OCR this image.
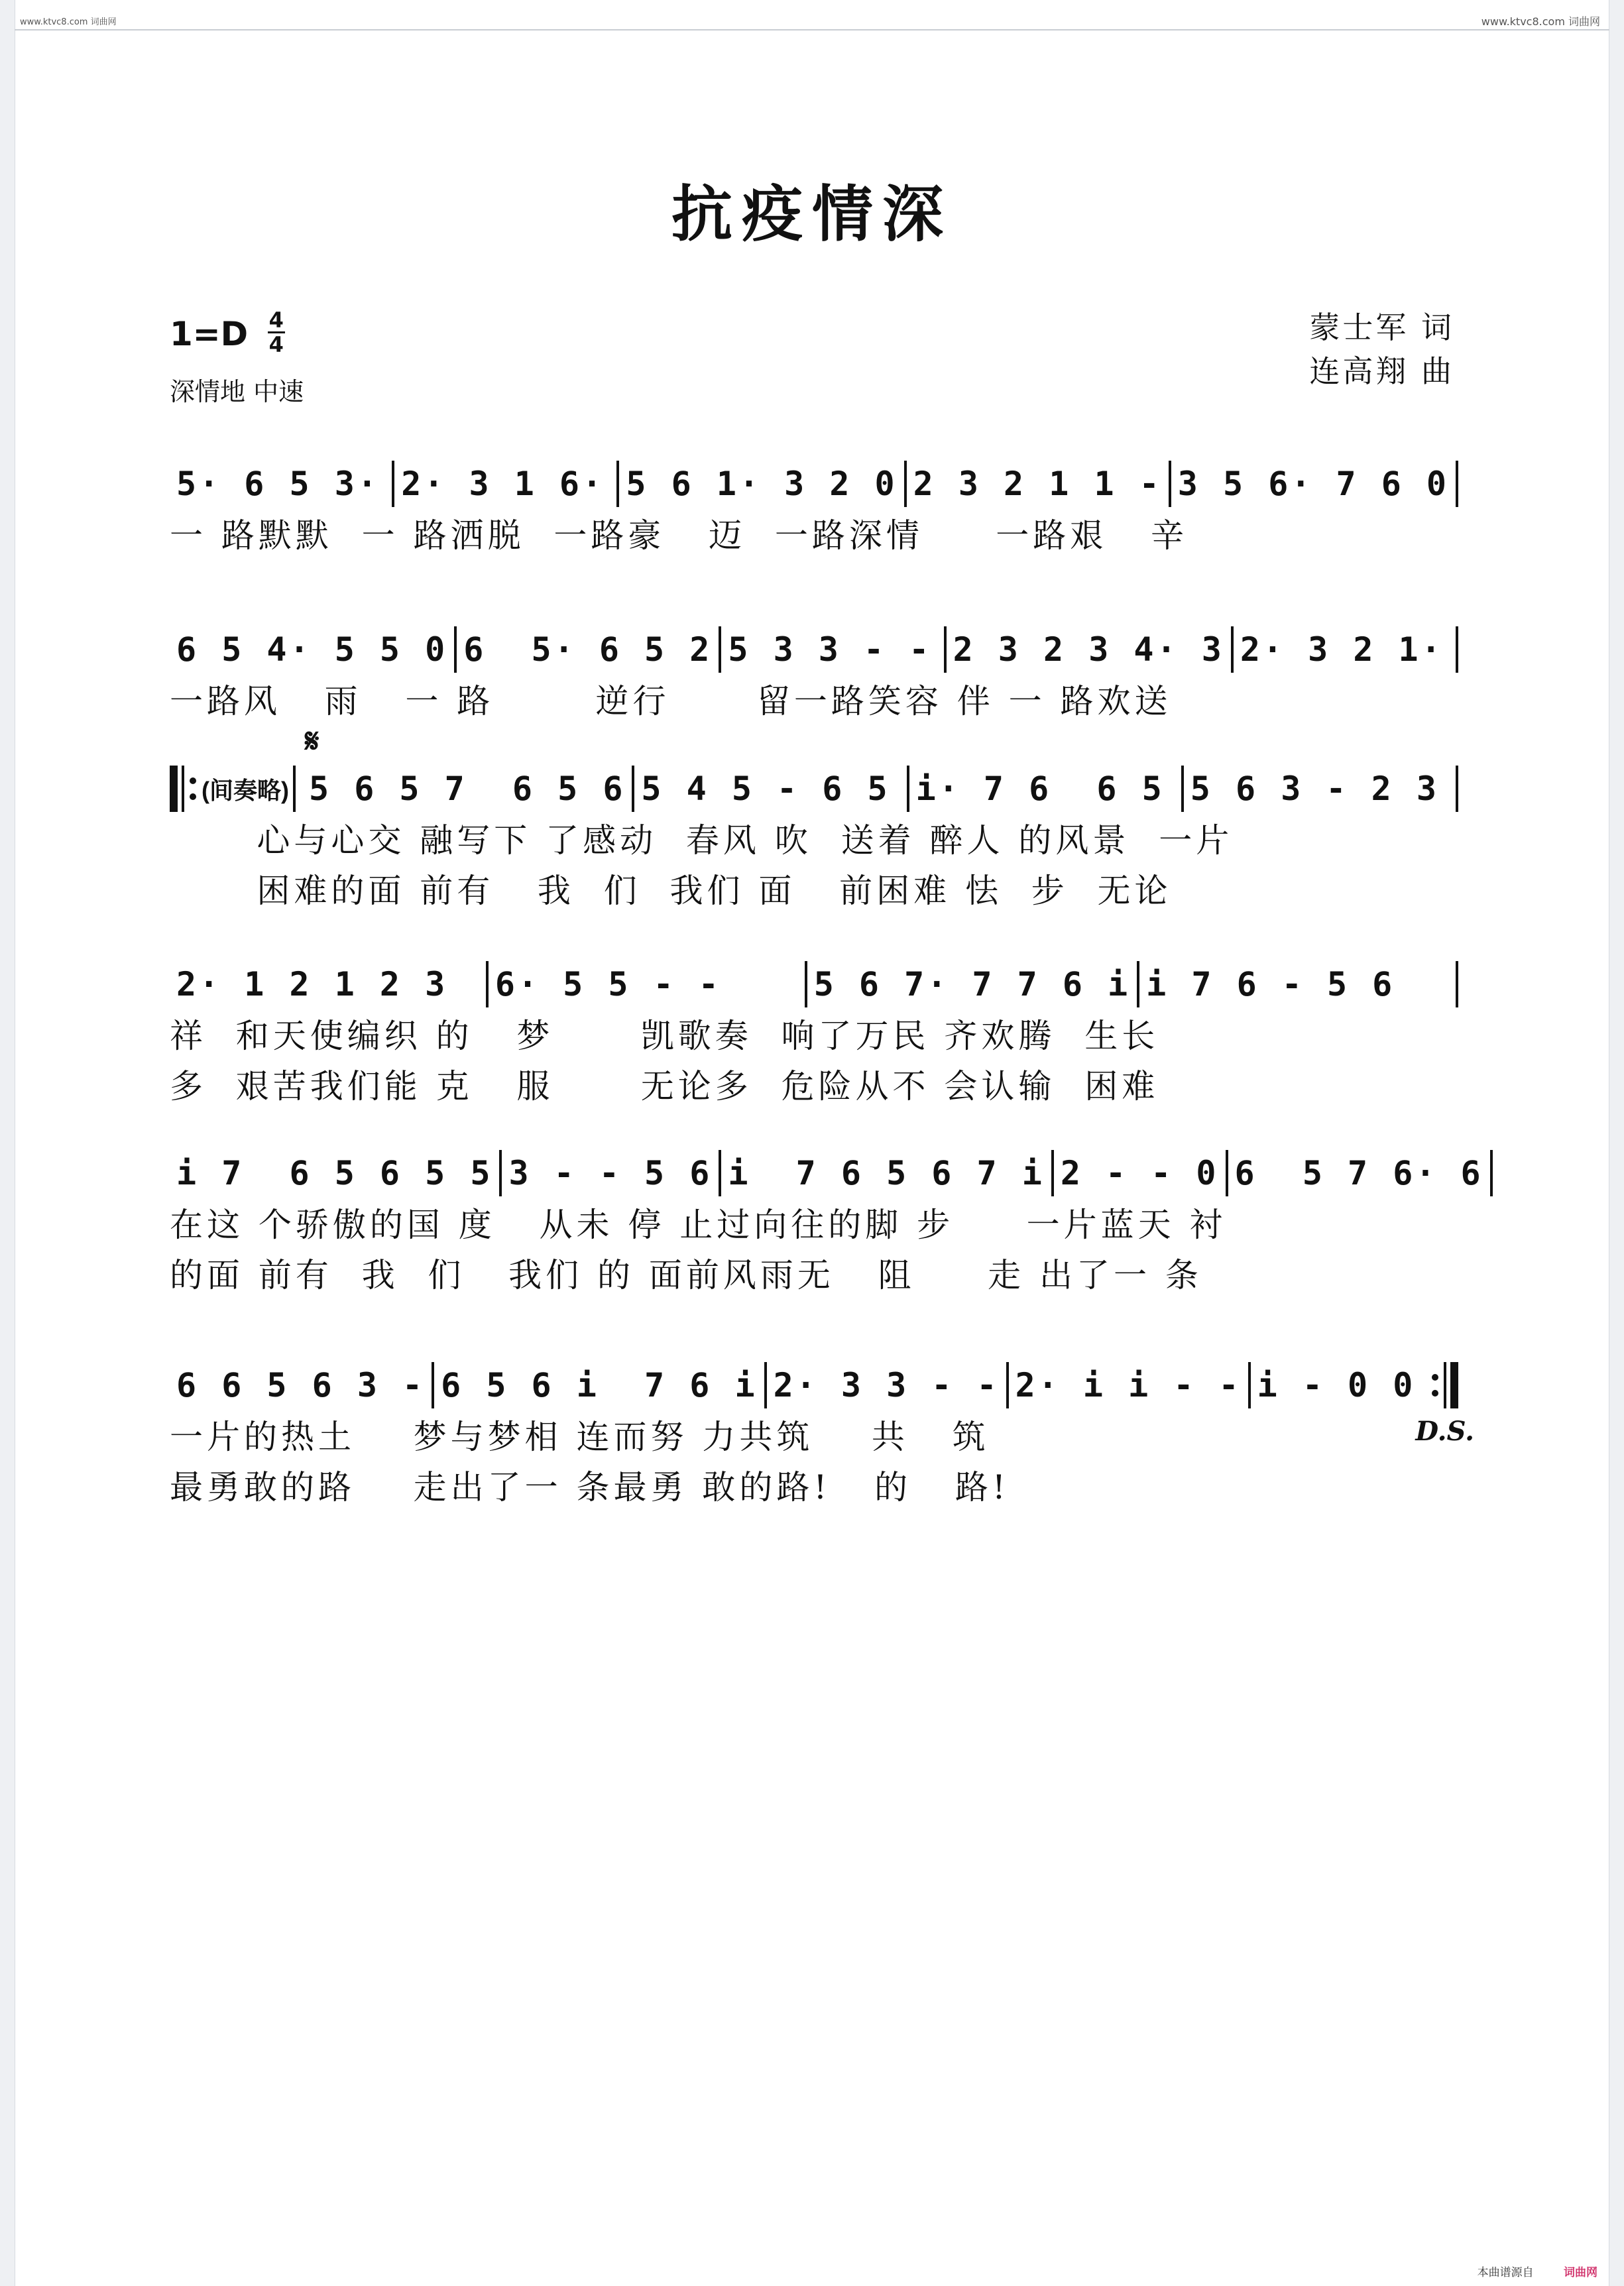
www.ktvc8.com 词曲网	www.ktvc8.com 词曲网
抗疫情深
$1=D \frac{4}{4}$
深情地 中速
蒙士军 词
连高翔 曲
5· 6 5 3· 2· 3 1 6· 5 6 1· 3 2 0 2 3 2 1 1 - 3 5 6· 7 6 0
一 路默默  一 路洒脱  一路豪   迈  一路深情     一路艰   辛
6 5 4· 5 5 0 6  5· 6 5 2 5 3 3 - - 2 3 2 3 4· 3 2· 3 2 1·
一路风   雨   一 路       逆行      留一路笑容 伴 一 路欢送
𝄋
(间奏略) 5 6 5 7  6 5 6 5 4 5 - 6 5 i· 7 6  6 5 5 6 3 - 2 3
心与心交 融写下 了感动  春风 吹  送着 醉人 的风景  一片
困难的面 前有   我  们  我们 面   前困难 怯  步  无论
2· 1 2 1 2 3	6· 5 5 - -	5 6 7· 7 7 6 i i 7 6 - 5 6
祥  和天使编织 的   梦      凯歌奏  响了万民 齐欢腾  生长
多  艰苦我们能 克   服      无论多  危险从不 会认输  困难
i 7  6 5 6 5 5 3 - - 5 6 i  7 6 5 6 7 i 2 - - 0 6  5 7 6· 6
在这 个骄傲的国 度   从未 停 止过向往的脚 步     一片蓝天 衬
的面 前有  我  们   我们 的 面前风雨无   阻     走 出了一 条
6 6 5 6 3 - 6 5 6 i  7 6 i 2· 3 3 - - 2· i i - - i - 0 0
一片的热土    梦与梦相 连而努 力共筑    共   筑
最勇敢的路    走出了一 条最勇 敢的路!   的   路!
D.S.
本曲谱源自	词曲网
